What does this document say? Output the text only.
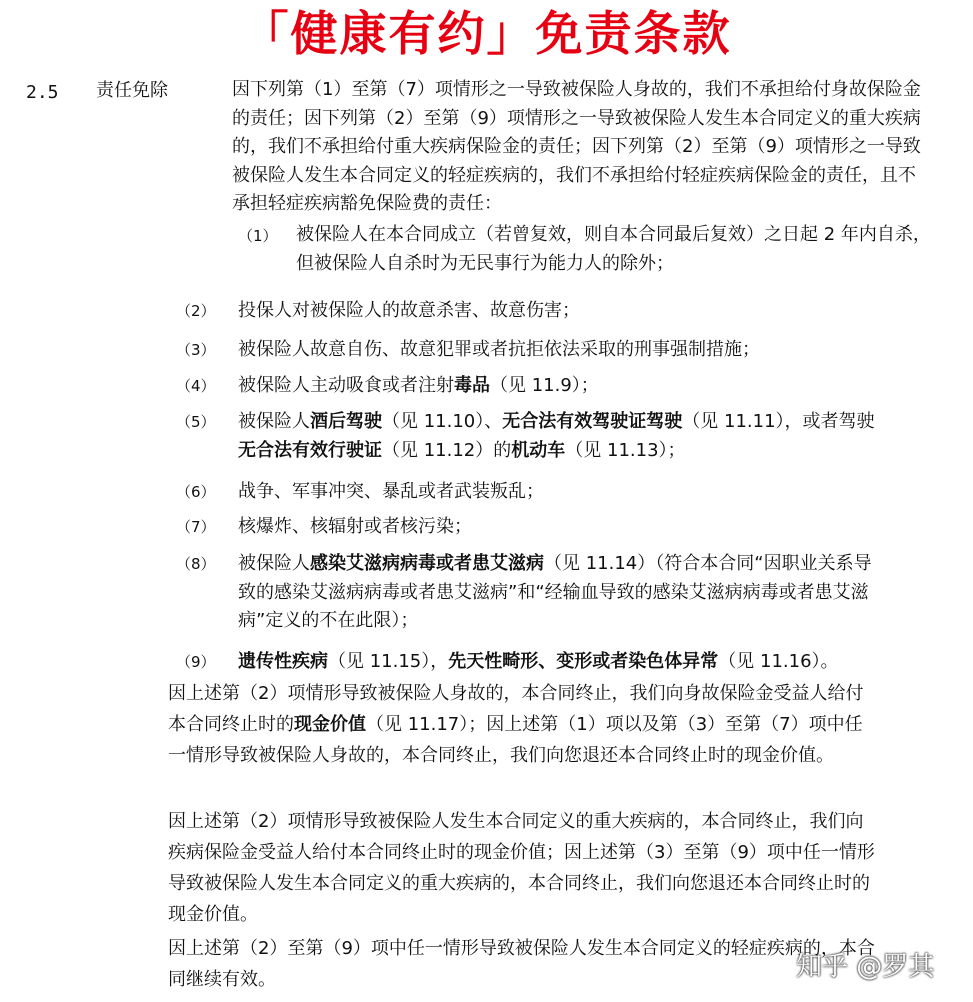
「健康有约」免责条款
2.5 责任免除	因下列第（1）至第（7）项情形之一导致被保险人身故的，我们不承担给付身故保险金的责任；因下列第（2）至第（9）项情形之一导致被保险人发生本合同定义的重大疾病的，我们不承担给付重大疾病保险金的责任；因下列第（2）至第（9）项情形之一导致被保险人发生本合同定义的轻症疾病的，我们不承担给付轻症疾病保险金的责任，且不承担轻症疾病豁免保险费的责任：
（1） 被保险人在本合同成立（若曾复效，则自本合同最后复效）之日起 2 年内自杀，但被保险人自杀时为无民事行为能力人的除外；
（2） 投保人对被保险人的故意杀害、故意伤害；
（3） 被保险人故意自伤、故意犯罪或者抗拒依法采取的刑事强制措施；
（4） 被保险人主动吸食或者注射毒品（见 11.9）；
（5） 被保险人酒后驾驶（见 11.10）、无合法有效驾驶证驾驶（见 11.11），或者驾驶无合法有效行驶证（见 11.12）的机动车（见 11.13）；
（6） 战争、军事冲突、暴乱或者武装叛乱；
（7） 核爆炸、核辐射或者核污染；
（8） 被保险人感染艾滋病病毒或者患艾滋病（见 11.14）（符合本合同“因职业关系导致的感染艾滋病病毒或者患艾滋病”和“经输血导致的感染艾滋病病毒或者患艾滋病”定义的不在此限）；
（9） 遗传性疾病（见 11.15），先天性畸形、变形或者染色体异常（见 11.16）。
因上述第（2）项情形导致被保险人身故的，本合同终止，我们向身故保险金受益人给付本合同终止时的现金价值（见 11.17）；因上述第（1）项以及第（3）至第（7）项中任一情形导致被保险人身故的，本合同终止，我们向您退还本合同终止时的现金价值。
因上述第（2）项情形导致被保险人发生本合同定义的重大疾病的，本合同终止，我们向疾病保险金受益人给付本合同终止时的现金价值；因上述第（3）至第（9）项中任一情形导致被保险人发生本合同定义的重大疾病的，本合同终止，我们向您退还本合同终止时的现金价值。
因上述第（2）至第（9）项中任一情形导致被保险人发生本合同定义的轻症疾病的，本合同继续有效。	知乎 @罗其
